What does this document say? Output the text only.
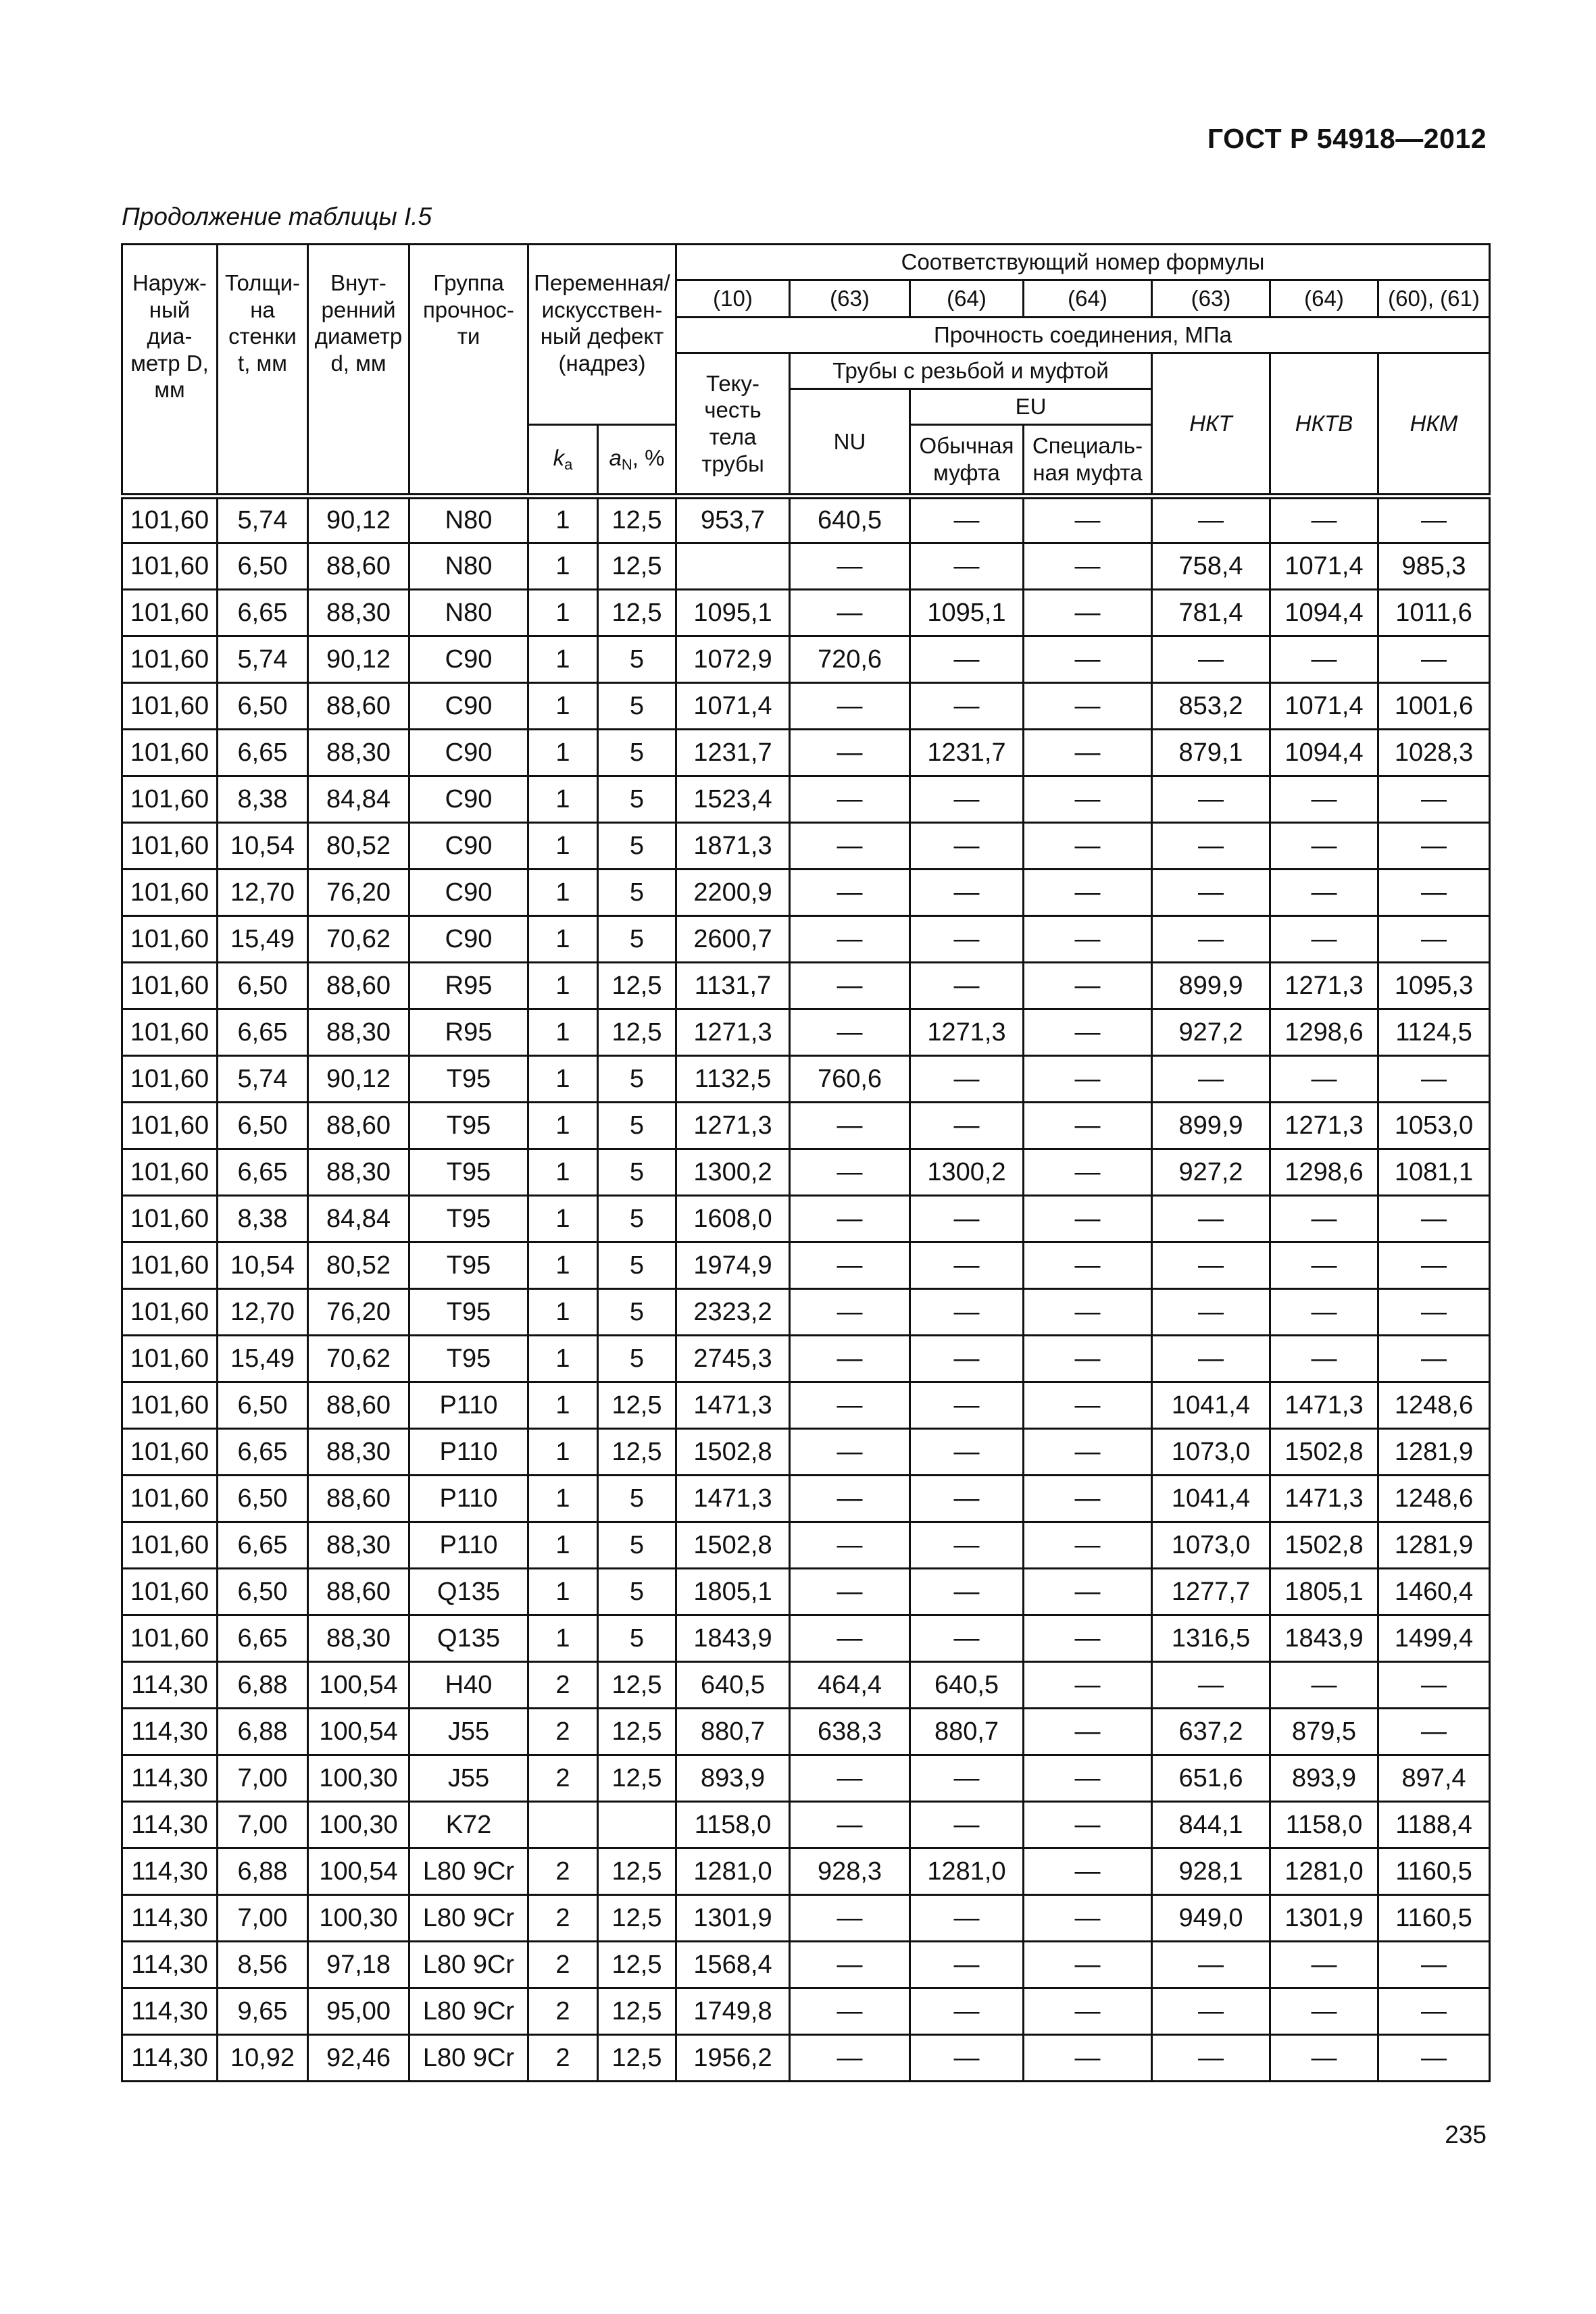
ГОСТ Р 54918—2012
Продолжение таблицы I.5
Наруж-ный диа-метр D, мм	Толщи-на стенки t, мм	Внут-ренний диаметр d, мм	Группа прочнос-ти	Переменная/ искусствен-ный дефект (надрез)		Соответствующий номер формулы						
						(10)	(63)	(64)	(64)	(63)	(64)	(60), (61)
						Прочность соединения, МПа						
						Теку-честь тела трубы	Трубы с резьбой и муфтой			НКТ	НКТВ	НКМ
							NU	EU				
				$k_a$	$a_N$, %			Обычная муфта	Специаль-ная муфта			
101,60	5,74	90,12	N80	1	12,5	953,7	640,5	—	—	—	—	—
101,60	6,50	88,60	N80	1	12,5		—	—	—	758,4	1071,4	985,3
101,60	6,65	88,30	N80	1	12,5	1095,1	—	1095,1	—	781,4	1094,4	1011,6
101,60	5,74	90,12	C90	1	5	1072,9	720,6	—	—	—	—	—
101,60	6,50	88,60	C90	1	5	1071,4	—	—	—	853,2	1071,4	1001,6
101,60	6,65	88,30	C90	1	5	1231,7	—	1231,7	—	879,1	1094,4	1028,3
101,60	8,38	84,84	C90	1	5	1523,4	—	—	—	—	—	—
101,60	10,54	80,52	C90	1	5	1871,3	—	—	—	—	—	—
101,60	12,70	76,20	C90	1	5	2200,9	—	—	—	—	—	—
101,60	15,49	70,62	C90	1	5	2600,7	—	—	—	—	—	—
101,60	6,50	88,60	R95	1	12,5	1131,7	—	—	—	899,9	1271,3	1095,3
101,60	6,65	88,30	R95	1	12,5	1271,3	—	1271,3	—	927,2	1298,6	1124,5
101,60	5,74	90,12	T95	1	5	1132,5	760,6	—	—	—	—	—
101,60	6,50	88,60	T95	1	5	1271,3	—	—	—	899,9	1271,3	1053,0
101,60	6,65	88,30	T95	1	5	1300,2	—	1300,2	—	927,2	1298,6	1081,1
101,60	8,38	84,84	T95	1	5	1608,0	—	—	—	—	—	—
101,60	10,54	80,52	T95	1	5	1974,9	—	—	—	—	—	—
101,60	12,70	76,20	T95	1	5	2323,2	—	—	—	—	—	—
101,60	15,49	70,62	T95	1	5	2745,3	—	—	—	—	—	—
101,60	6,50	88,60	P110	1	12,5	1471,3	—	—	—	1041,4	1471,3	1248,6
101,60	6,65	88,30	P110	1	12,5	1502,8	—	—	—	1073,0	1502,8	1281,9
101,60	6,50	88,60	P110	1	5	1471,3	—	—	—	1041,4	1471,3	1248,6
101,60	6,65	88,30	P110	1	5	1502,8	—	—	—	1073,0	1502,8	1281,9
101,60	6,50	88,60	Q135	1	5	1805,1	—	—	—	1277,7	1805,1	1460,4
101,60	6,65	88,30	Q135	1	5	1843,9	—	—	—	1316,5	1843,9	1499,4
114,30	6,88	100,54	H40	2	12,5	640,5	464,4	640,5	—	—	—	—
114,30	6,88	100,54	J55	2	12,5	880,7	638,3	880,7	—	637,2	879,5	—
114,30	7,00	100,30	J55	2	12,5	893,9	—	—	—	651,6	893,9	897,4
114,30	7,00	100,30	K72			1158,0	—	—	—	844,1	1158,0	1188,4
114,30	6,88	100,54	L80 9Cr	2	12,5	1281,0	928,3	1281,0	—	928,1	1281,0	1160,5
114,30	7,00	100,30	L80 9Cr	2	12,5	1301,9	—	—	—	949,0	1301,9	1160,5
114,30	8,56	97,18	L80 9Cr	2	12,5	1568,4	—	—	—	—	—	—
114,30	9,65	95,00	L80 9Cr	2	12,5	1749,8	—	—	—	—	—	—
114,30	10,92	92,46	L80 9Cr	2	12,5	1956,2	—	—	—	—	—	—
235
